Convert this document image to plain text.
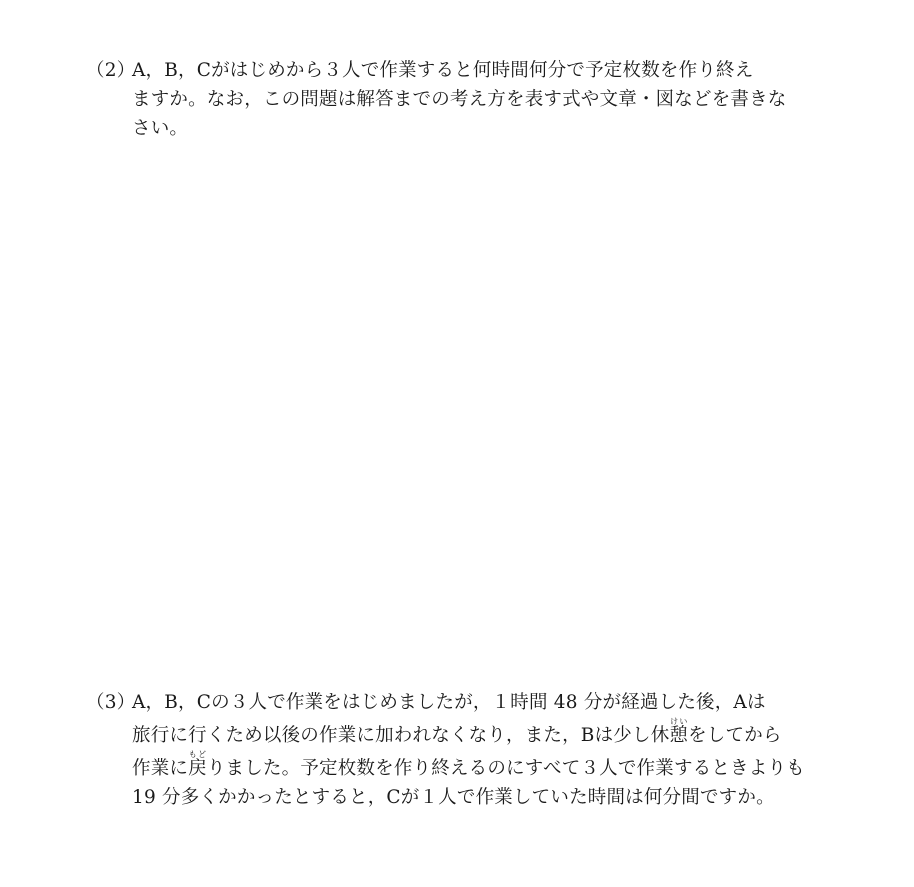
（2）A，B，Cがはじめから３人で作業すると何時間何分で予定枚数を作り終え
ますか。なお，この問題は解答までの考え方を表す式や文章・図などを書きな
さい。
（3）A，B，Cの３人で作業をはじめましたが，１時間 48 分が経過した後，Aは
旅行に行くため以後の作業に加われなくなり，また，Bは少し休憩けいをしてから
作業に戻もどりました。予定枚数を作り終えるのにすべて３人で作業するときよりも
19 分多くかかったとすると，Cが１人で作業していた時間は何分間ですか。
